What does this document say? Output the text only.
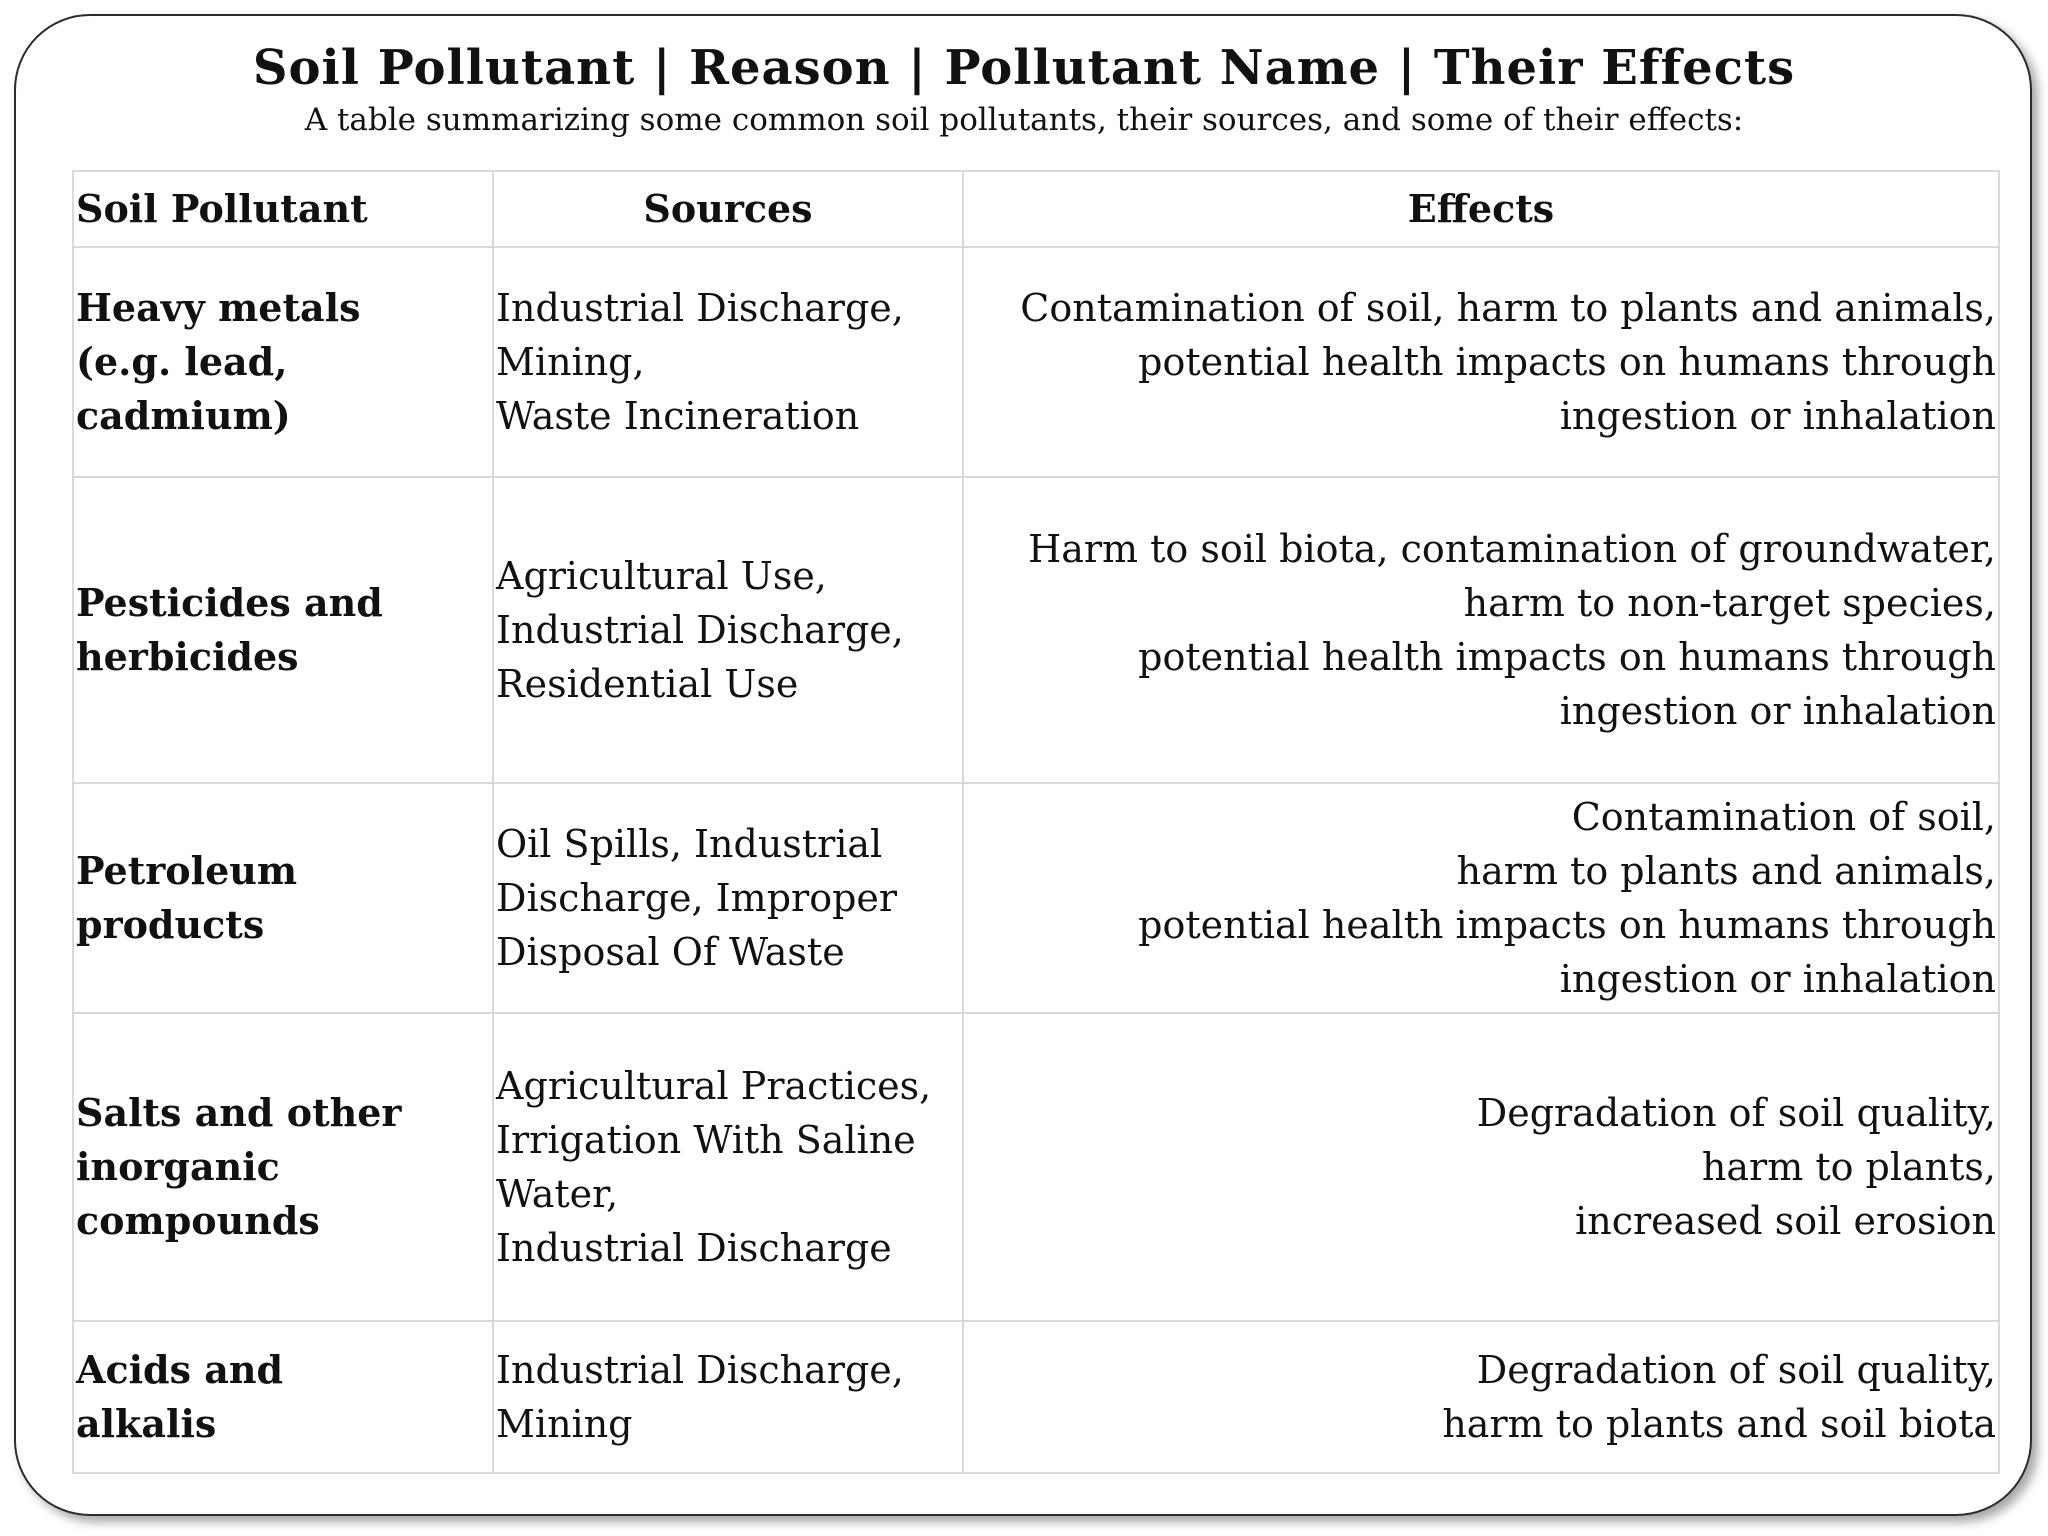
Soil Pollutant | Reason | Pollutant Name | Their Effects
A table summarizing some common soil pollutants, their sources, and some of their effects:
Soil Pollutant	Sources	Effects
Heavy metals
(e.g. lead,
cadmium)	Industrial Discharge,
Mining,
Waste Incineration	Contamination of soil, harm to plants and animals,
potential health impacts on humans through
ingestion or inhalation
Pesticides and
herbicides	Agricultural Use,
Industrial Discharge,
Residential Use	Harm to soil biota, contamination of groundwater,
harm to non-target species,
potential health impacts on humans through
ingestion or inhalation
Petroleum
products	Oil Spills, Industrial
Discharge, Improper
Disposal Of Waste	Contamination of soil,
harm to plants and animals,
potential health impacts on humans through
ingestion or inhalation
Salts and other
inorganic
compounds	Agricultural Practices,
Irrigation With Saline
Water,
Industrial Discharge	Degradation of soil quality,
harm to plants,
increased soil erosion
Acids and
alkalis	Industrial Discharge,
Mining	Degradation of soil quality,
harm to plants and soil biota
